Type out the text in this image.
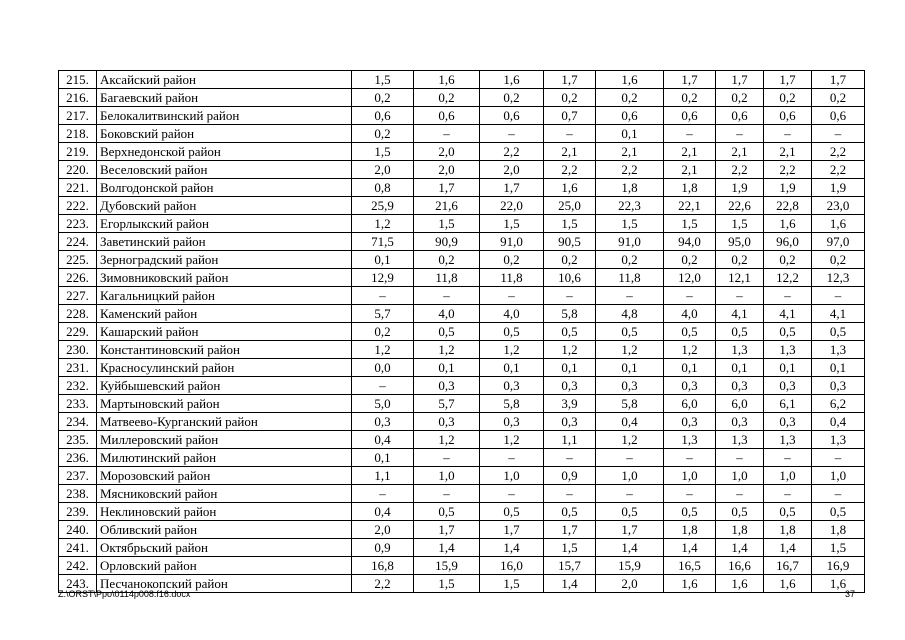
215.	Аксайский район	1,5	1,6	1,6	1,7	1,6	1,7	1,7	1,7	1,7
216.	Багаевский район	0,2	0,2	0,2	0,2	0,2	0,2	0,2	0,2	0,2
217.	Белокалитвинский район	0,6	0,6	0,6	0,7	0,6	0,6	0,6	0,6	0,6
218.	Боковский район	0,2	–	–	–	0,1	–	–	–	–
219.	Верхнедонской район	1,5	2,0	2,2	2,1	2,1	2,1	2,1	2,1	2,2
220.	Веселовский район	2,0	2,0	2,0	2,2	2,2	2,1	2,2	2,2	2,2
221.	Волгодонской район	0,8	1,7	1,7	1,6	1,8	1,8	1,9	1,9	1,9
222.	Дубовский район	25,9	21,6	22,0	25,0	22,3	22,1	22,6	22,8	23,0
223.	Егорлыкский район	1,2	1,5	1,5	1,5	1,5	1,5	1,5	1,6	1,6
224.	Заветинский район	71,5	90,9	91,0	90,5	91,0	94,0	95,0	96,0	97,0
225.	Зерноградский район	0,1	0,2	0,2	0,2	0,2	0,2	0,2	0,2	0,2
226.	Зимовниковский район	12,9	11,8	11,8	10,6	11,8	12,0	12,1	12,2	12,3
227.	Кагальницкий район	–	–	–	–	–	–	–	–	–
228.	Каменский район	5,7	4,0	4,0	5,8	4,8	4,0	4,1	4,1	4,1
229.	Кашарский район	0,2	0,5	0,5	0,5	0,5	0,5	0,5	0,5	0,5
230.	Константиновский район	1,2	1,2	1,2	1,2	1,2	1,2	1,3	1,3	1,3
231.	Красносулинский район	0,0	0,1	0,1	0,1	0,1	0,1	0,1	0,1	0,1
232.	Куйбышевский район	–	0,3	0,3	0,3	0,3	0,3	0,3	0,3	0,3
233.	Мартыновский район	5,0	5,7	5,8	3,9	5,8	6,0	6,0	6,1	6,2
234.	Матвеево-Курганский район	0,3	0,3	0,3	0,3	0,4	0,3	0,3	0,3	0,4
235.	Миллеровский район	0,4	1,2	1,2	1,1	1,2	1,3	1,3	1,3	1,3
236.	Милютинский район	0,1	–	–	–	–	–	–	–	–
237.	Морозовский район	1,1	1,0	1,0	0,9	1,0	1,0	1,0	1,0	1,0
238.	Мясниковский район	–	–	–	–	–	–	–	–	–
239.	Неклиновский район	0,4	0,5	0,5	0,5	0,5	0,5	0,5	0,5	0,5
240.	Обливский район	2,0	1,7	1,7	1,7	1,7	1,8	1,8	1,8	1,8
241.	Октябрьский район	0,9	1,4	1,4	1,5	1,4	1,4	1,4	1,4	1,5
242.	Орловский район	16,8	15,9	16,0	15,7	15,9	16,5	16,6	16,7	16,9
243.	Песчанокопский район	2,2	1,5	1,5	1,4	2,0	1,6	1,6	1,6	1,6
Z:\ORST\Ppo\0114p008.f16.docx	37
